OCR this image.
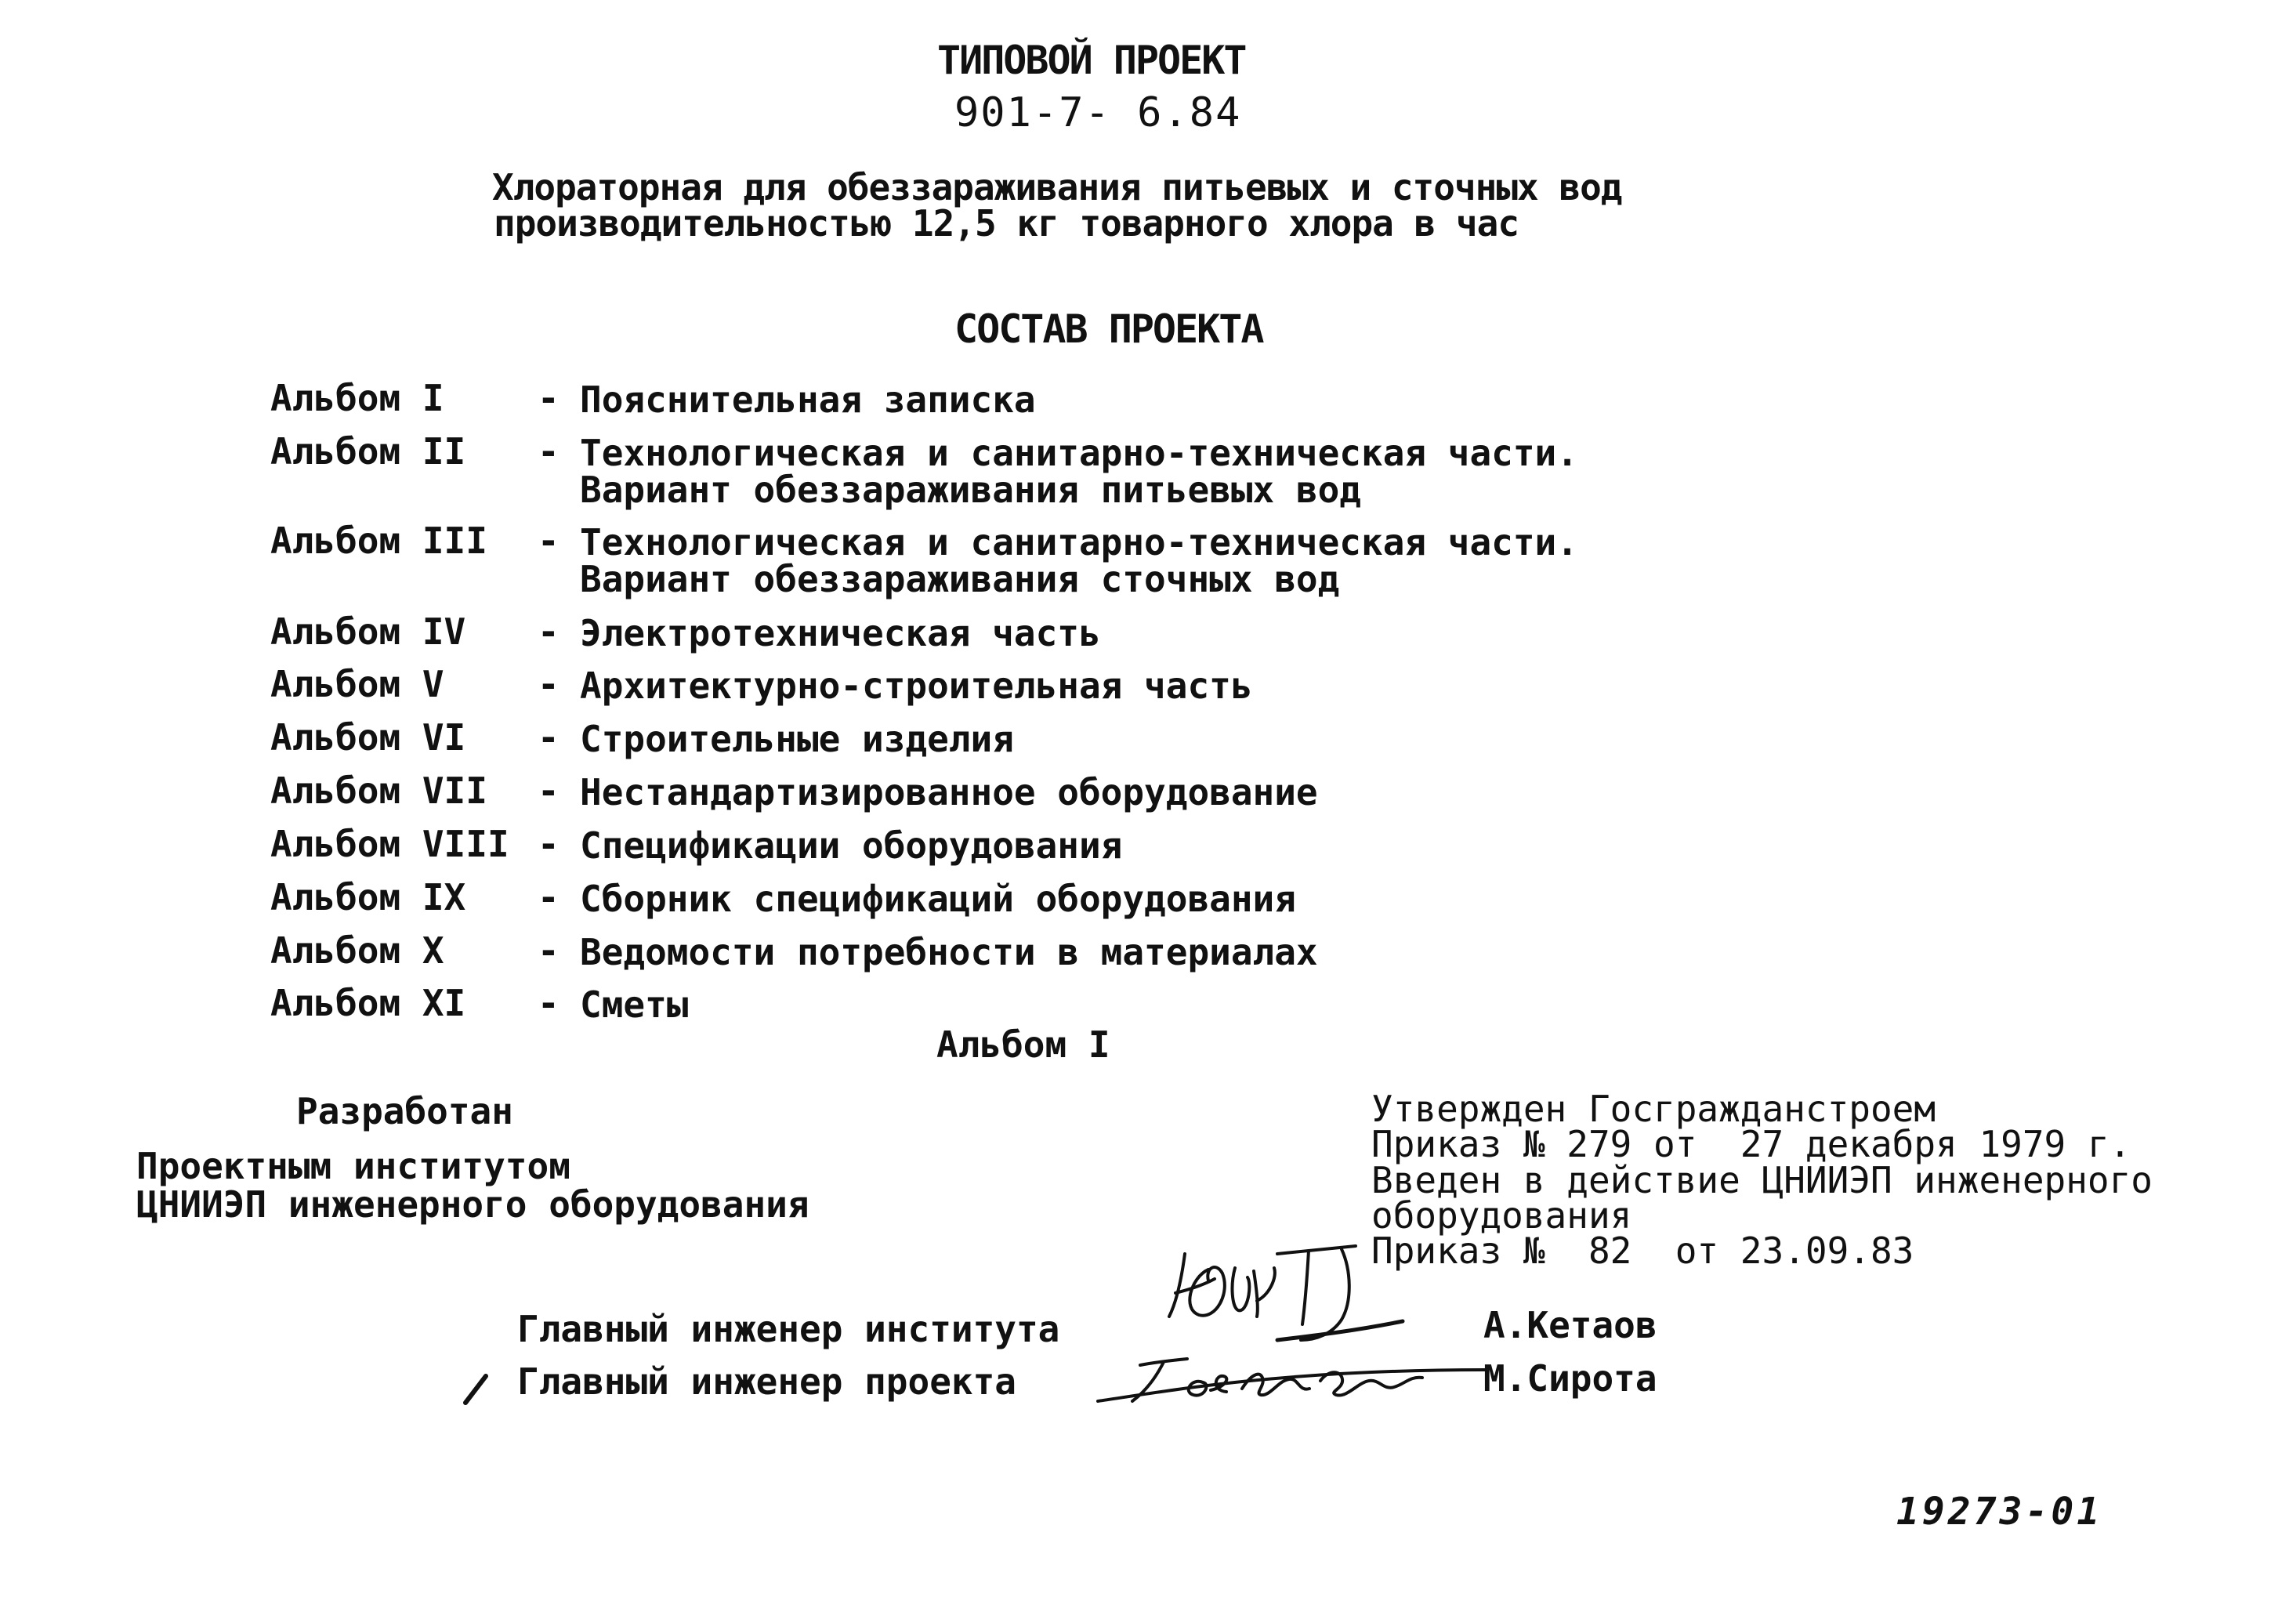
ТИПОВОЙ ПРОЕКТ
901-7- 6.84
Хлораторная для обеззараживания питьевых и сточных вод
производительностью 12,5 кг товарного хлора в час
СОСТАВ ПРОЕКТА
Альбом I	- Пояснительная записка
Альбом II - Технологическая и санитарно-техническая части.
Вариант обеззараживания питьевых вод
Альбом III - Технологическая и санитарно-техническая части.
Вариант обеззараживания сточных вод
Альбом IV - Электротехническая часть
Альбом V	- Архитектурно-строительная часть
Альбом VI - Строительные изделия
Альбом VII - Нестандартизированное оборудование
Альбом VIII - Спецификации оборудования
Альбом IX - Сборник спецификаций оборудования
Альбом X	- Ведомости потребности в материалах
Альбом XI - Сметы
Альбом I
Разработан
Проектным институтом
ЦНИИЭП инженерного оборудования
Утвержден Госгражданстроем
Приказ № 279 от  27 декабря 1979 г.
Введен в действие ЦНИИЭП инженерного
оборудования
Приказ №  82  от 23.09.83
Главный инженер института	А.Кетаов
Главный инженер проекта	М.Сирота
19273-01
